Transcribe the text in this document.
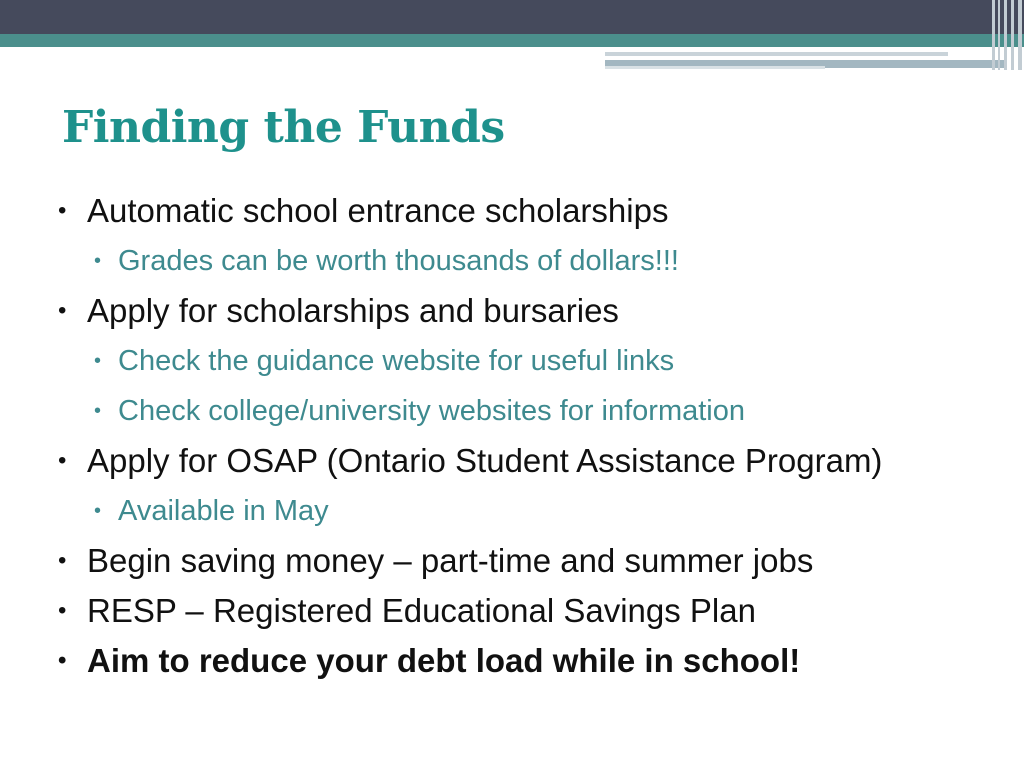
Finding the Funds
• Automatic school entrance scholarships
• Grades can be worth thousands of dollars!!!
• Apply for scholarships and bursaries
• Check the guidance website for useful links
• Check college/university websites for information
• Apply for OSAP (Ontario Student Assistance Program)
• Available in May
• Begin saving money – part-time and summer jobs
• RESP – Registered Educational Savings Plan
• Aim to reduce your debt load while in school!
